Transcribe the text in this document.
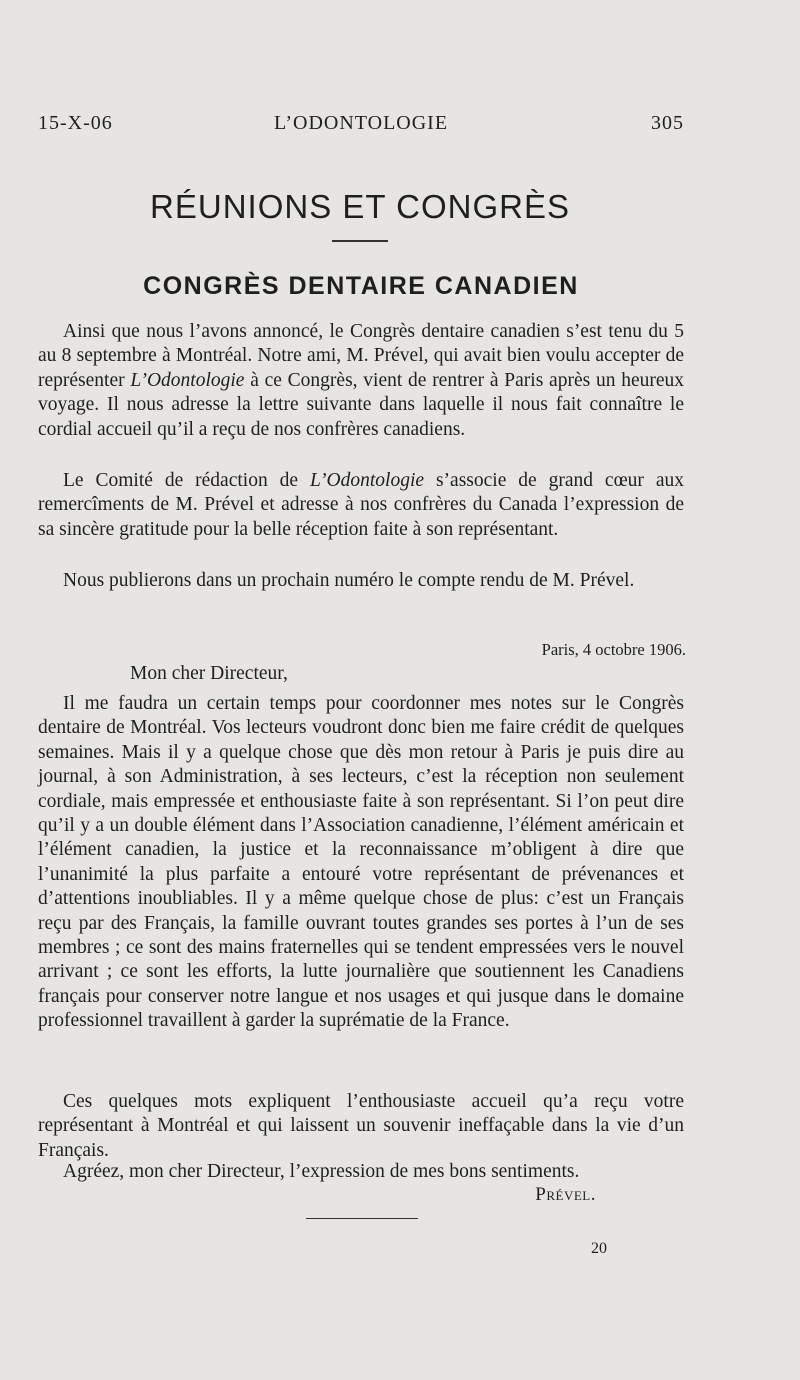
15-X-06	L’ODONTOLOGIE	305
RÉUNIONS ET CONGRÈS
CONGRÈS DENTAIRE CANADIEN
Ainsi que nous l’avons annoncé, le Congrès dentaire canadien s’est tenu du 5 au 8 septembre à Montréal. Notre ami, M. Prével, qui avait bien voulu accepter de représenter L’Odontologie à ce Congrès, vient de rentrer à Paris après un heureux voyage. Il nous adresse la lettre suivante dans laquelle il nous fait connaître le cordial accueil qu’il a reçu de nos confrères canadiens.
Le Comité de rédaction de L’Odontologie s’associe de grand cœur aux remercîments de M. Prével et adresse à nos confrères du Canada l’expression de sa sincère gratitude pour la belle réception faite à son représentant.
Nous publierons dans un prochain numéro le compte rendu de M. Prével.
Paris, 4 octobre 1906.
Mon cher Directeur,
Il me faudra un certain temps pour coordonner mes notes sur le Congrès dentaire de Montréal. Vos lecteurs voudront donc bien me faire crédit de quelques semaines. Mais il y a quelque chose que dès mon retour à Paris je puis dire au journal, à son Administration, à ses lecteurs, c’est la réception non seulement cordiale, mais empressée et enthousiaste faite à son représentant. Si l’on peut dire qu’il y a un double élément dans l’Association canadienne, l’élément américain et l’élément canadien, la justice et la reconnaissance m’obligent à dire que l’unanimité la plus parfaite a entouré votre représentant de prévenances et d’attentions inoubliables. Il y a même quelque chose de plus: c’est un Français reçu par des Français, la famille ouvrant toutes grandes ses portes à l’un de ses membres ; ce sont des mains fraternelles qui se tendent empressées vers le nouvel arrivant ; ce sont les efforts, la lutte journalière que soutiennent les Canadiens français pour conserver notre langue et nos usages et qui jusque dans le domaine professionnel travaillent à garder la suprématie de la France.
Ces quelques mots expliquent l’enthousiaste accueil qu’a reçu votre représentant à Montréal et qui laissent un souvenir ineffaçable dans la vie d’un Français.
Agréez, mon cher Directeur, l’expression de mes bons sentiments.
Prével.
20
